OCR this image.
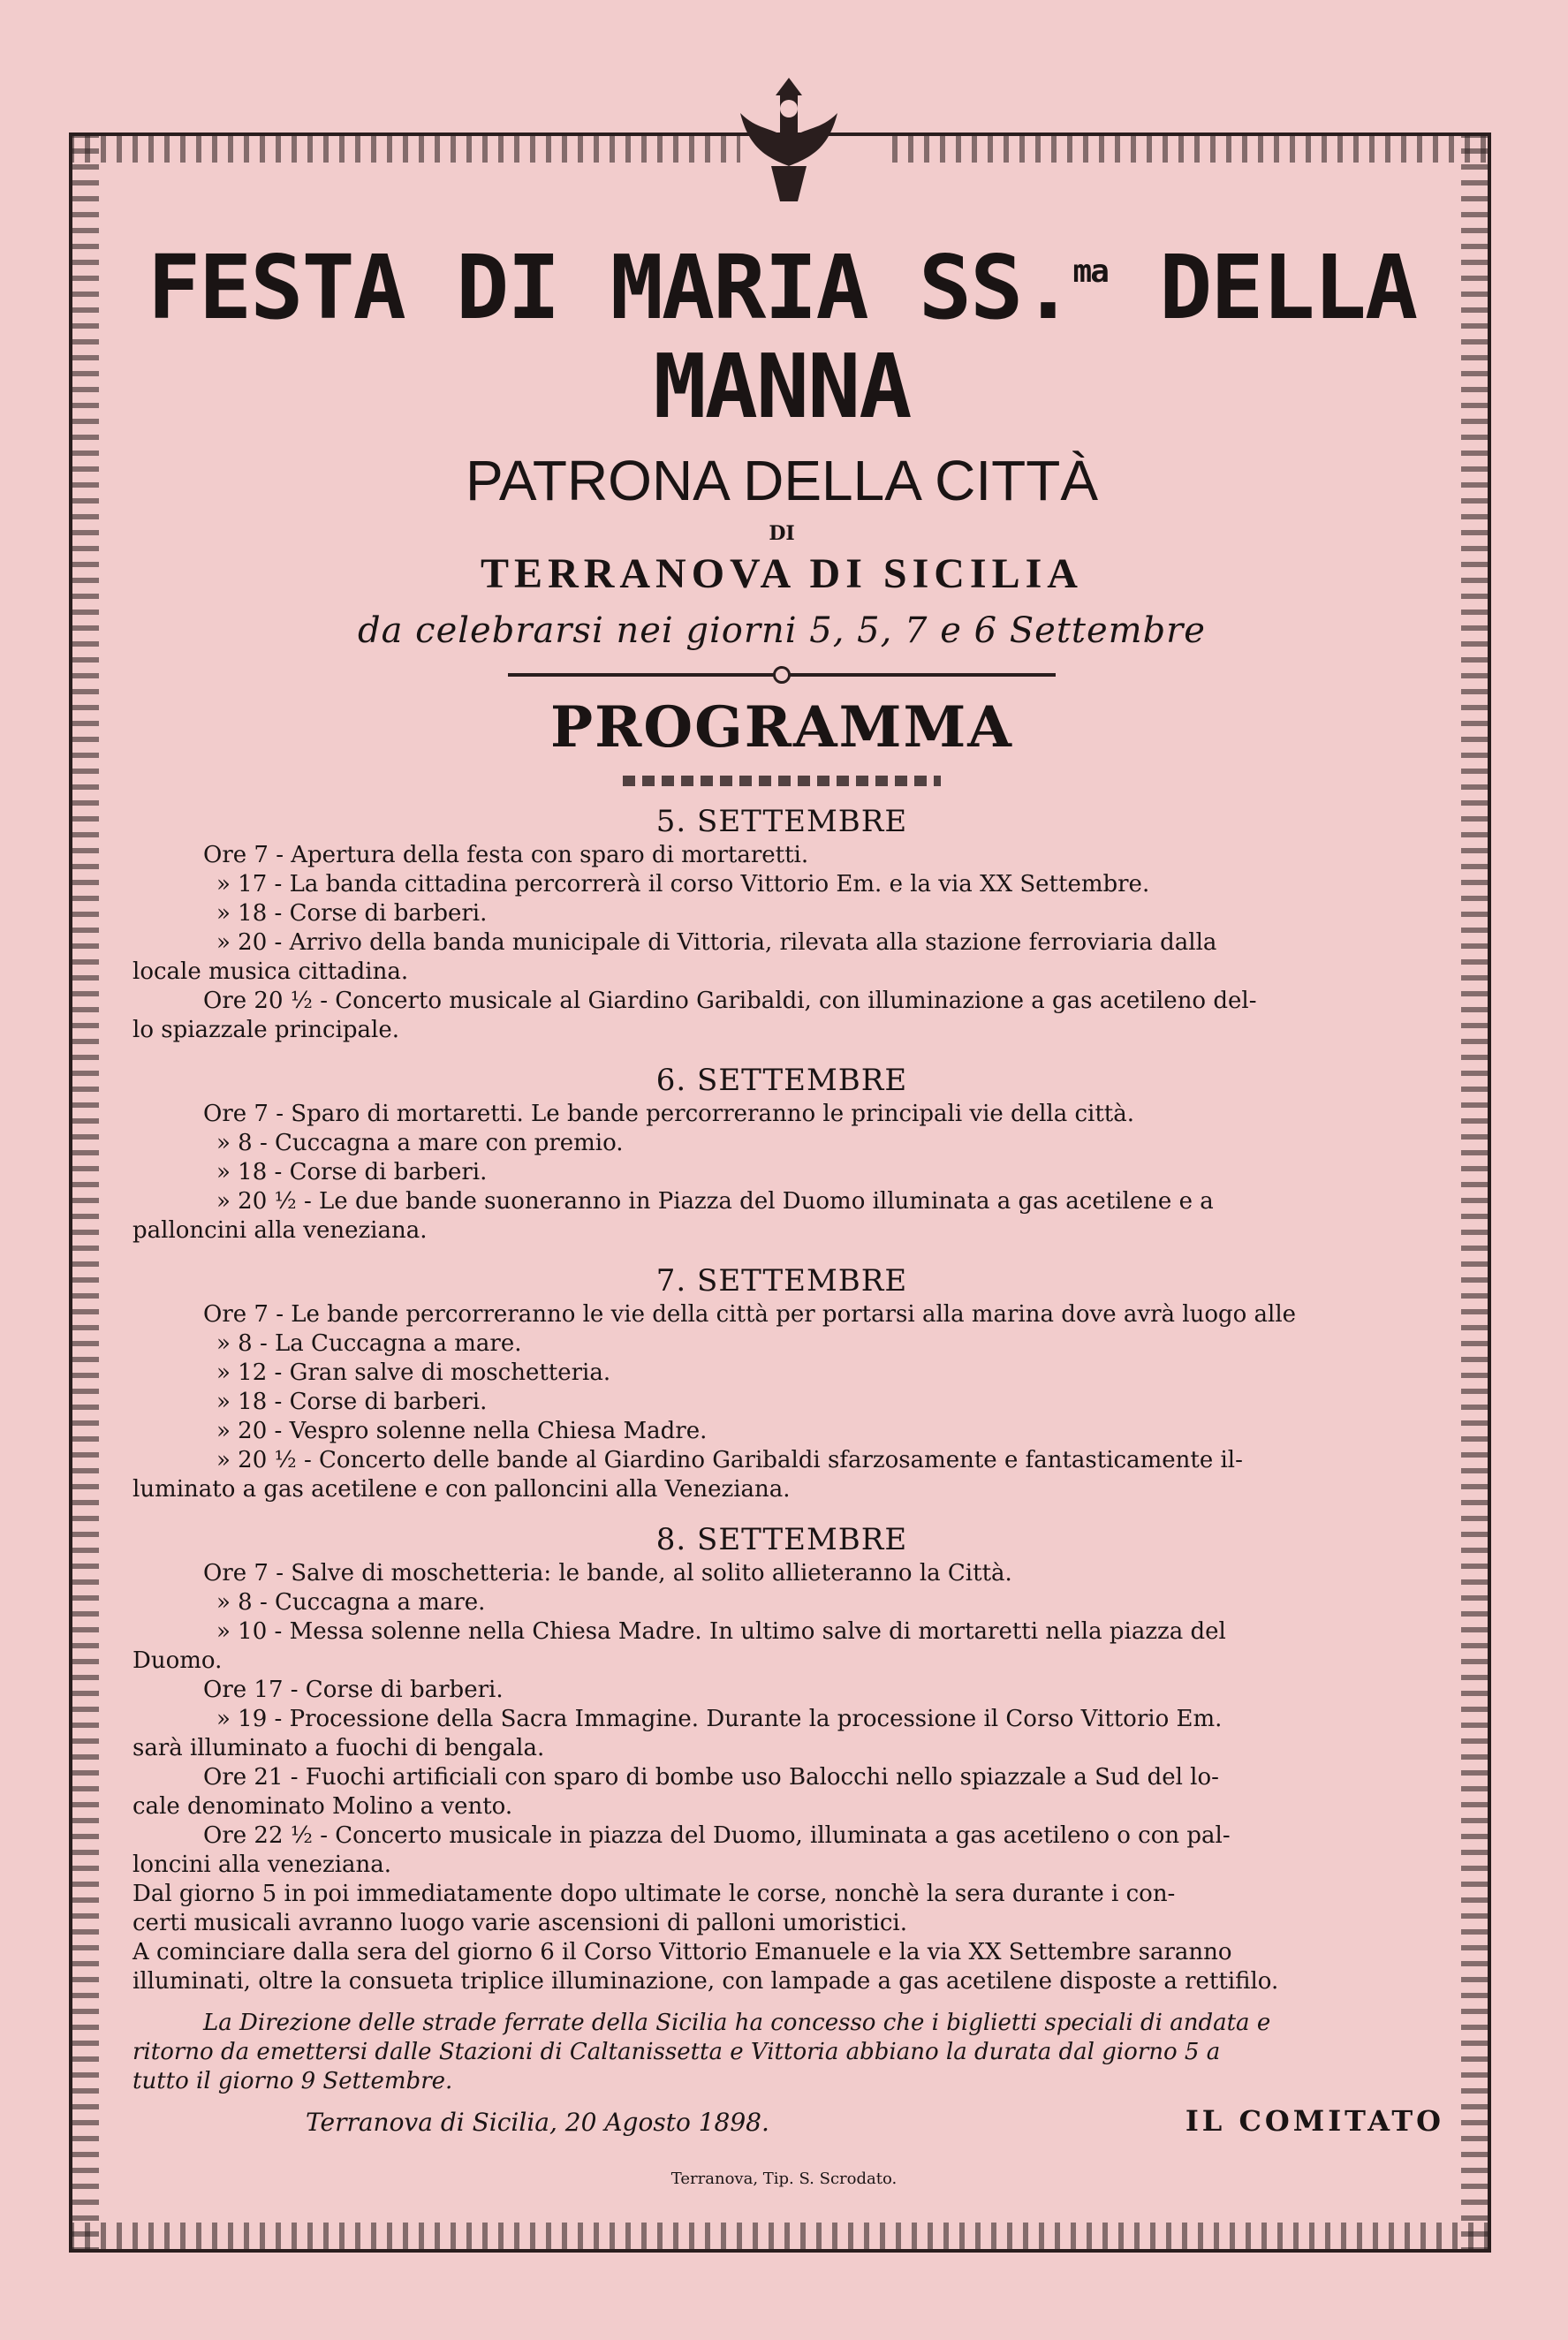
FESTA DI MARIA SS.$^{ma}$ DELLA MANNA
PATRONA DELLA CITTÀ
DI
TERRANOVA DI SICILIA
da celebrarsi nei giorni 5, 5, 7 e 6 Settembre
PROGRAMMA
5. SETTEMBRE
Ore 7 - Apertura della festa con sparo di mortaretti.
» 17 - La banda cittadina percorrerà il corso Vittorio Em. e la via XX Settembre.
» 18 - Corse di barberi.
» 20 - Arrivo della banda municipale di Vittoria, rilevata alla stazione ferroviaria dalla
locale musica cittadina.
Ore 20 ½ - Concerto musicale al Giardino Garibaldi, con illuminazione a gas acetileno del-
lo spiazzale principale.
6. SETTEMBRE
Ore 7 - Sparo di mortaretti. Le bande percorreranno le principali vie della città.
» 8 - Cuccagna a mare con premio.
» 18 - Corse di barberi.
» 20 ½ - Le due bande suoneranno in Piazza del Duomo illuminata a gas acetilene e a
palloncini alla veneziana.
7. SETTEMBRE
Ore 7 - Le bande percorreranno le vie della città per portarsi alla marina dove avrà luogo alle
» 8 - La Cuccagna a mare.
» 12 - Gran salve di moschetteria.
» 18 - Corse di barberi.
» 20 - Vespro solenne nella Chiesa Madre.
» 20 ½ - Concerto delle bande al Giardino Garibaldi sfarzosamente e fantasticamente il-
luminato a gas acetilene e con palloncini alla Veneziana.
8. SETTEMBRE
Ore 7 - Salve di moschetteria: le bande, al solito allieteranno la Città.
» 8 - Cuccagna a mare.
» 10 - Messa solenne nella Chiesa Madre. In ultimo salve di mortaretti nella piazza del
Duomo.
Ore 17 - Corse di barberi.
» 19 - Processione della Sacra Immagine. Durante la processione il Corso Vittorio Em.
sarà illuminato a fuochi di bengala.
Ore 21 - Fuochi artificiali con sparo di bombe uso Balocchi nello spiazzale a Sud del lo-
cale denominato Molino a vento.
Ore 22 ½ - Concerto musicale in piazza del Duomo, illuminata a gas acetileno o con pal-
loncini alla veneziana.
Dal giorno 5 in poi immediatamente dopo ultimate le corse, nonchè la sera durante i con-
certi musicali avranno luogo varie ascensioni di palloni umoristici.
A cominciare dalla sera del giorno 6 il Corso Vittorio Emanuele e la via XX Settembre saranno
illuminati, oltre la consueta triplice illuminazione, con lampade a gas acetilene disposte a rettifilo.
La Direzione delle strade ferrate della Sicilia ha concesso che i biglietti speciali di andata e
ritorno da emettersi dalle Stazioni di Caltanissetta e Vittoria abbiano la durata dal giorno 5 a
tutto il giorno 9 Settembre.
Terranova di Sicilia, 20 Agosto 1898.	IL COMITATO
Terranova, Tip. S. Scrodato.
